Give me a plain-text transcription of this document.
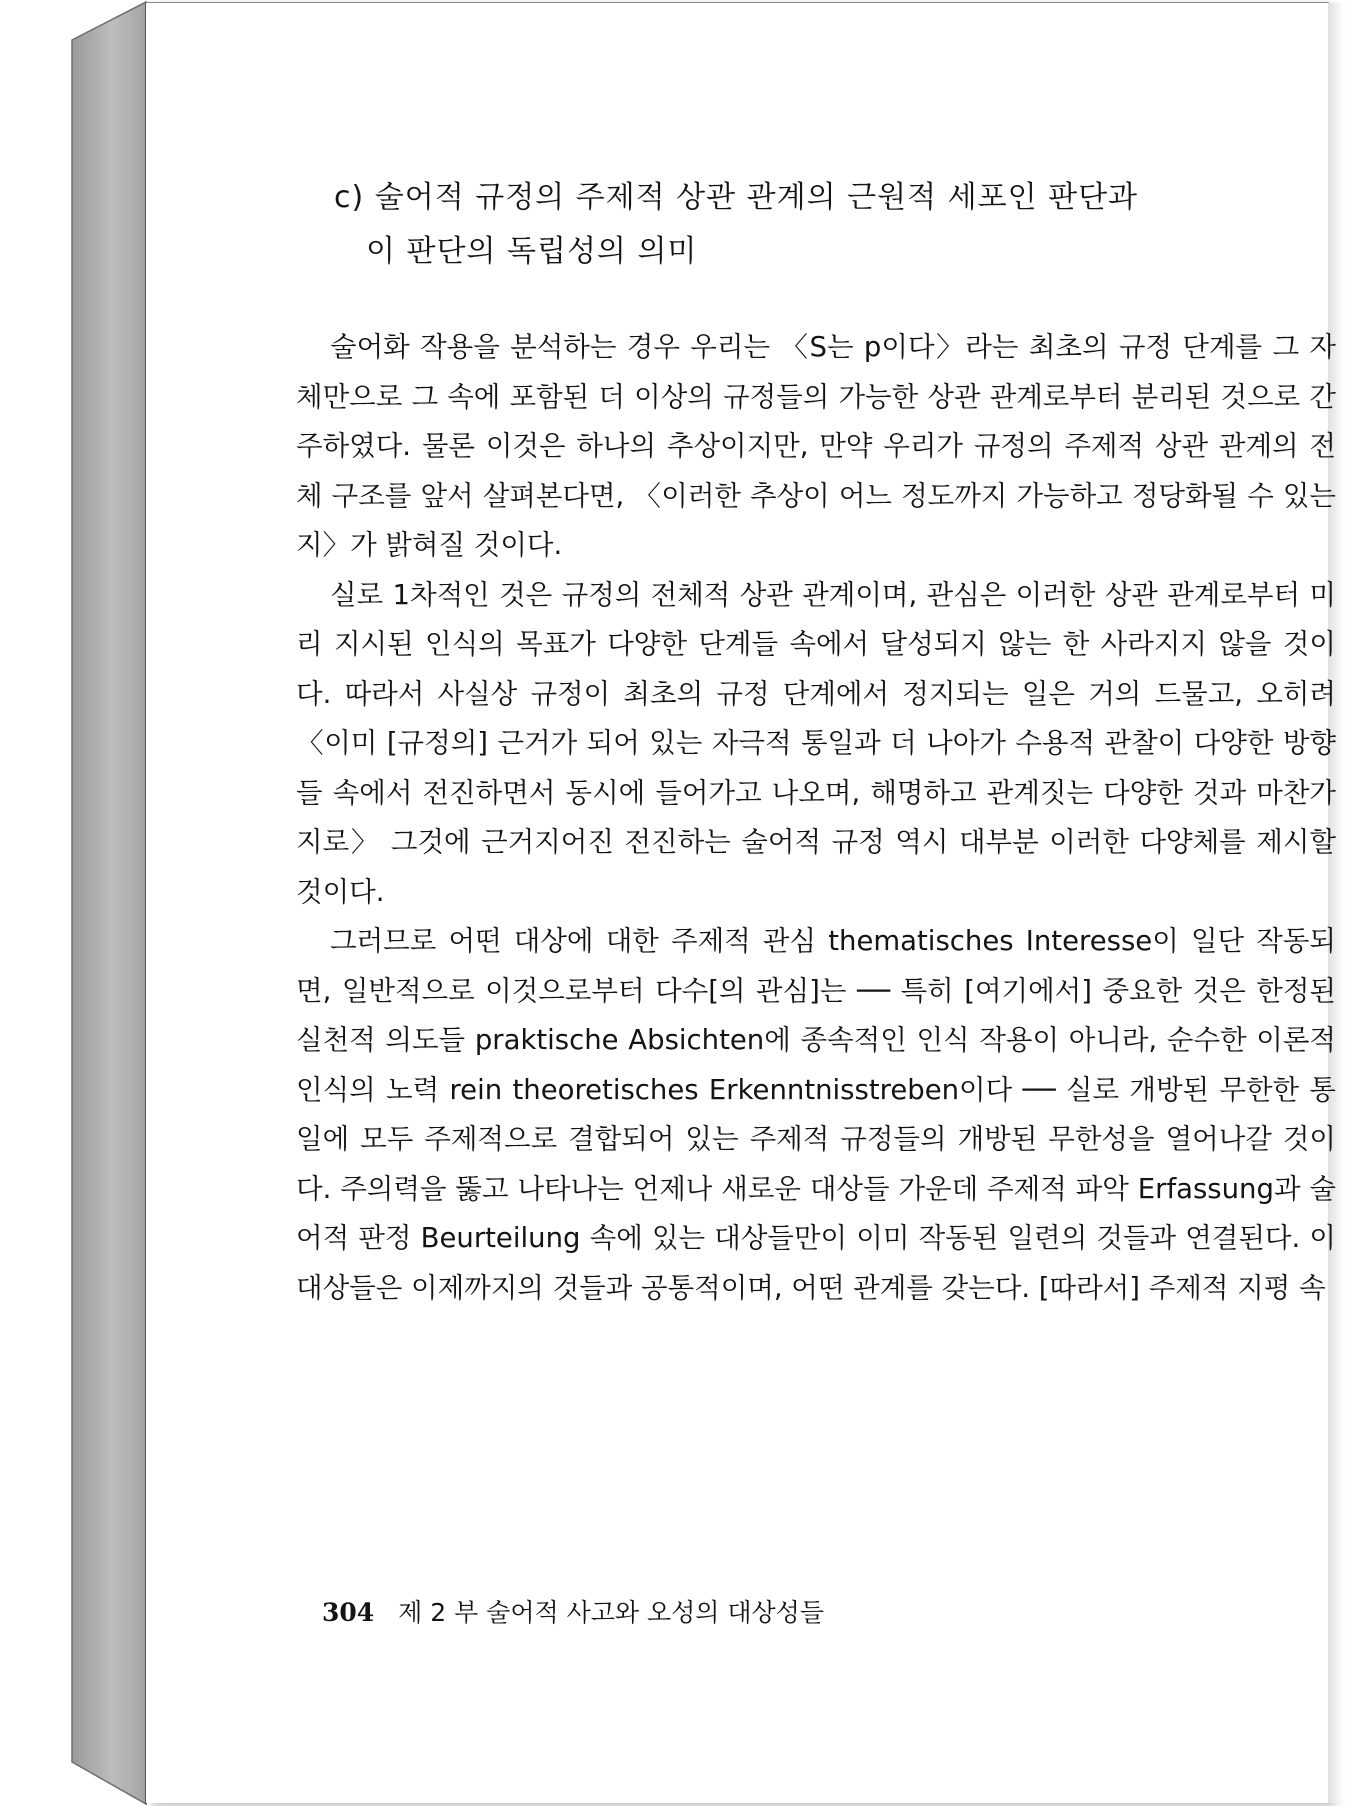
c) 술어적 규정의 주제적 상관 관계의 근원적 세포인 판단과
이 판단의 독립성의 의미

술어화 작용을 분석하는 경우 우리는 〈S는 p이다〉라는 최초의 규정 단계를 그 자체만으로 그 속에 포함된 더 이상의 규정들의 가능한 상관 관계로부터 분리된 것으로 간주하였다. 물론 이것은 하나의 추상이지만, 만약 우리가 규정의 주제적 상관 관계의 전체 구조를 앞서 살펴본다면, 〈이러한 추상이 어느 정도까지 가능하고 정당화될 수 있는지〉가 밝혀질 것이다.

실로 1차적인 것은 규정의 전체적 상관 관계이며, 관심은 이러한 상관 관계로부터 미리 지시된 인식의 목표가 다양한 단계들 속에서 달성되지 않는 한 사라지지 않을 것이다. 따라서 사실상 규정이 최초의 규정 단계에서 정지되는 일은 거의 드물고, 오히려 〈이미 [규정의] 근거가 되어 있는 자극적 통일과 더 나아가 수용적 관찰이 다양한 방향들 속에서 전진하면서 동시에 들어가고 나오며, 해명하고 관계짓는 다양한 것과 마찬가지로〉 그것에 근거지어진 전진하는 술어적 규정 역시 대부분 이러한 다양체를 제시할 것이다.

그러므로 어떤 대상에 대한 주제적 관심 thematisches Interesse이 일단 작동되면, 일반적으로 이것으로부터 다수[의 관심]는 ── 특히 [여기에서] 중요한 것은 한정된 실천적 의도들 praktische Absichten에 종속적인 인식 작용이 아니라, 순수한 이론적 인식의 노력 rein theoretisches Erkenntnisstreben이다 ── 실로 개방된 무한한 통일에 모두 주제적으로 결합되어 있는 주제적 규정들의 개방된 무한성을 열어나갈 것이다. 주의력을 뚫고 나타나는 언제나 새로운 대상들 가운데 주제적 파악 Erfassung과 술어적 판정 Beurteilung 속에 있는 대상들만이 이미 작동된 일련의 것들과 연결된다. 이 대상들은 이제까지의 것들과 공통적이며, 어떤 관계를 갖는다. [따라서] 주제적 지평 속

304 제 2 부 술어적 사고와 오성의 대상성들
